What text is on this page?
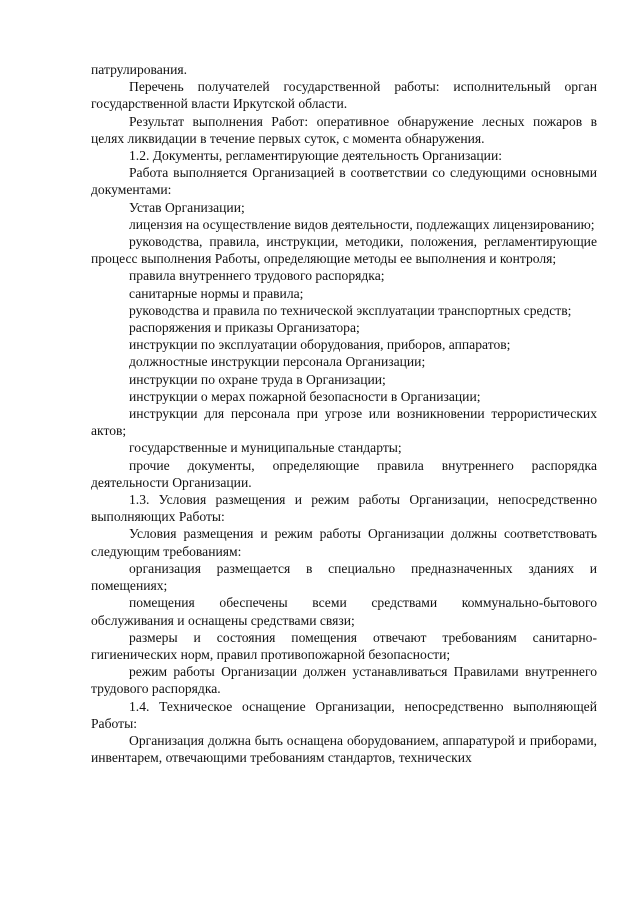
патрулирования.

Перечень получателей государственной работы: исполнительный орган государственной власти Иркутской области.

Результат выполнения Работ: оперативное обнаружение лесных пожаров в целях ликвидации в течение первых суток, с момента обнаружения.

1.2. Документы, регламентирующие деятельность Организации:

Работа выполняется Организацией в соответствии со следующими основными документами:

Устав Организации;

лицензия на осуществление видов деятельности, подлежащих лицензированию;

руководства, правила, инструкции, методики, положения, регламентирующие процесс выполнения Работы, определяющие методы ее выполнения и контроля;

правила внутреннего трудового распорядка;

санитарные нормы и правила;

руководства и правила по технической эксплуатации транспортных средств;

распоряжения и приказы Организатора;

инструкции по эксплуатации оборудования, приборов, аппаратов;

должностные инструкции персонала Организации;

инструкции по охране труда в Организации;

инструкции о мерах пожарной безопасности в Организации;

инструкции для персонала при угрозе или возникновении террористических актов;

государственные и муниципальные стандарты;

прочие документы, определяющие правила внутреннего распорядка деятельности Организации.

1.3. Условия размещения и режим работы Организации, непосредственно выполняющих Работы:

Условия размещения и режим работы Организации должны соответствовать следующим требованиям:

организация размещается в специально предназначенных зданиях и помещениях;

помещения обеспечены всеми средствами коммунально-бытового обслуживания и оснащены средствами связи;

размеры и состояния помещения отвечают требованиям санитарно-гигиенических норм, правил противопожарной безопасности;

режим работы Организации должен устанавливаться Правилами внутреннего трудового распорядка.

1.4. Техническое оснащение Организации, непосредственно выполняющей Работы:

Организация должна быть оснащена оборудованием, аппаратурой и приборами, инвентарем, отвечающими требованиям стандартов, технических
